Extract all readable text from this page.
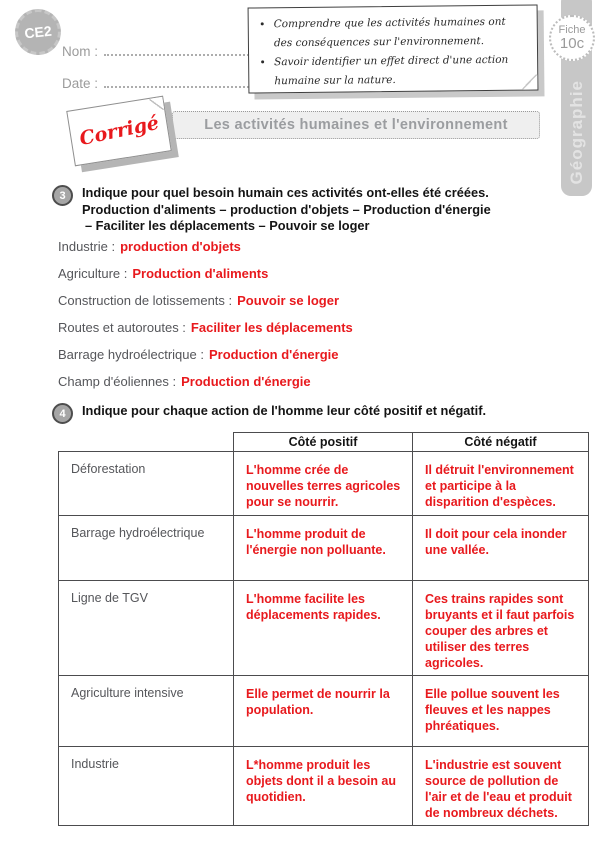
CE2
Nom :
Date :
• Comprendre que les activités humaines ont des conséquences sur l'environnement.
• Savoir identifier un effet direct d'une action humaine sur la nature.	Géographie
Fiche
10c
Corrigé	Les activités humaines et l'environnement
3	Indique pour quel besoin humain ces activités ont-elles été créées.
Production d'aliments – production d'objets – Production d'énergie
– Faciliter les déplacements – Pouvoir se loger
Industrie : production d'objets
Agriculture : Production d'aliments
Construction de lotissements : Pouvoir se loger
Routes et autoroutes : Faciliter les déplacements
Barrage hydroélectrique : Production d'énergie
Champ d'éoliennes : Production d'énergie
4	Indique pour chaque action de l'homme leur côté positif et négatif.
	Côté positif	Côté négatif
Déforestation	L'homme crée de nouvelles terres agricoles pour se nourrir.	Il détruit l'environnement et participe à la disparition d'espèces.
Barrage hydroélectrique	L'homme produit de l'énergie non polluante.	Il doit pour cela inonder une vallée.
Ligne de TGV	L'homme facilite les déplacements rapides.	Ces trains rapides sont bruyants et il faut parfois couper des arbres et utiliser des terres agricoles.
Agriculture intensive	Elle permet de nourrir la population.	Elle pollue souvent les fleuves et les nappes phréatiques.
Industrie	L*homme produit les objets dont il a besoin au quotidien.	L'industrie est souvent source de pollution de l'air et de l'eau et produit de nombreux déchets.
